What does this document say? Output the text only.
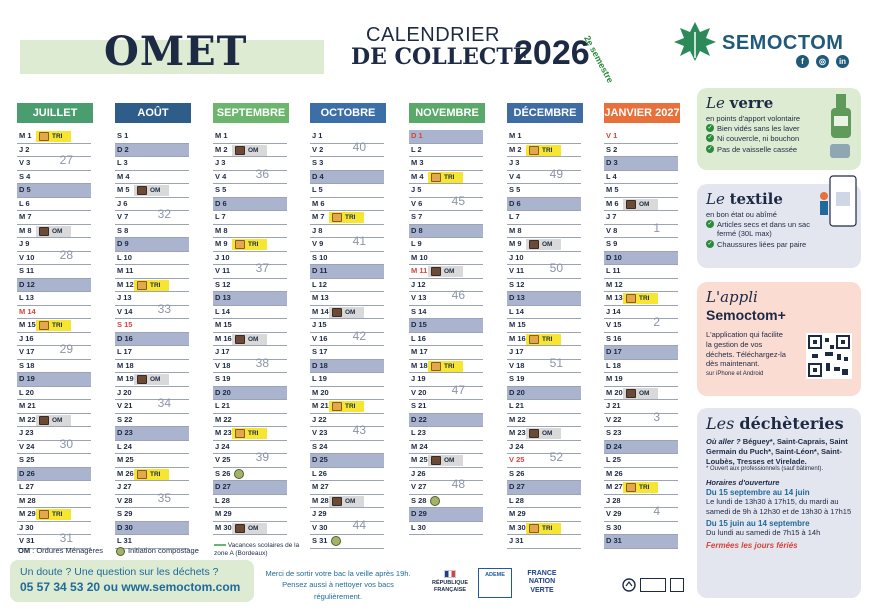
OMET	CALENDRIER
DE COLLECTE
2026
2e semestre	SEMOCTOM
f	◎	in
JUILLET
M 1	TRI
J 2
V 3 27
S 4
D 5
L 6
M 7
M 8	OM
J 9
V 10 28
S 11
D 12
L 13
M 14
M 15	TRI
J 16
V 17 29
S 18
D 19
L 20
M 21
M 22	OM
J 23
V 24 30
S 25
D 26
L 27
M 28
M 29	TRI
J 30
V 31 31
AOÛT
S 1
D 2
L 3
M 4
M 5	OM
J 6
V 7 32
S 8
D 9
L 10
M 11
M 12	TRI
J 13
V 14 33
S 15
D 16
L 17
M 18
M 19	OM
J 20
V 21 34
S 22
D 23
L 24
M 25
M 26	TRI
J 27
V 28 35
S 29
D 30
L 31
SEPTEMBRE
M 1
M 2	OM
J 3
V 4 36
S 5
D 6
L 7
M 8
M 9	TRI
J 10
V 11 37
S 12
D 13
L 14
M 15
M 16	OM
J 17
V 18 38
S 19
D 20
L 21
M 22
M 23	TRI
J 24
V 25 39
S 26
D 27
L 28
M 29
M 30	OM
OCTOBRE
J 1
V 2 40
S 3
D 4
L 5
M 6
M 7	TRI
J 8
V 9 41
S 10
D 11
L 12
M 13
M 14	OM
J 15
V 16 42
S 17
D 18
L 19
M 20
M 21	TRI
J 22
V 23 43
S 24
D 25
L 26
M 27
M 28	OM
J 29
V 30 44
S 31
NOVEMBRE
D 1
L 2
M 3
M 4	TRI
J 5
V 6 45
S 7
D 8
L 9
M 10
M 11	OM
J 12
V 13 46
S 14
D 15
L 16
M 17
M 18	TRI
J 19
V 20 47
S 21
D 22
L 23
M 24
M 25	OM
J 26
V 27 48
S 28
D 29
L 30
DÉCEMBRE
M 1
M 2	TRI
J 3
V 4 49
S 5
D 6
L 7
M 8
M 9	OM
J 10
V 11 50
S 12
D 13
L 14
M 15
M 16	TRI
J 17
V 18 51
S 19
D 20
L 21
M 22
M 23	OM
J 24
V 25 52
S 26
D 27
L 28
M 29
M 30	TRI
J 31
JANVIER 2027
V 1
S 2
D 3
L 4
M 5
M 6	OM
J 7
V 8	1
S 9
D 10
L 11
M 12
M 13	TRI
J 14
V 15	2
S 16
D 17
L 18
M 19
M 20	OM
J 21
V 22	3
S 23
D 24
L 25
M 26
M 27	TRI
J 28
V 29	4
S 30
D 31
OM : Ordures Ménagères	Initiation compostage
Vacances scolaires de la zone A (Bordeaux)
Un doute ? Une question sur les déchets ?
05 57 34 53 20 ou www.semoctom.com
Merci de sortir votre bac la veille après 19h.
Pensez aussi à nettoyer vos bacs régulièrement.
RÉPUBLIQUE FRANÇAISE
ADEME	FRANCE NATION VERTE
Le verre
en points d'apport volontaire
✓ Bien vidés sans les laver
✓ Ni couvercle, ni bouchon
✓ Pas de vaisselle cassée
Le textile
en bon état ou abîmé
✓ Articles secs et dans un sac fermé (30L max)
✓ Chaussures liées par paire
L'appli
Semoctom+
L'application qui facilite la gestion de vos déchets. Téléchargez-la dès maintenant.
sur iPhone et Android
Les déchèteries
Où aller ? Béguey*, Saint-Caprais, Saint Germain du Puch*, Saint-Léon*, Saint-Loubès, Tresses et Virelade.
* Ouvert aux professionnels (sauf bâtiment).
Horaires d'ouverture
Du 15 septembre au 14 juin
Le lundi de 13h30 à 17h15, du mardi au samedi de 9h à 12h30 et de 13h30 à 17h15
Du 15 juin au 14 septembre
Du lundi au samedi de 7h15 à 14h
Fermées les jours fériés
